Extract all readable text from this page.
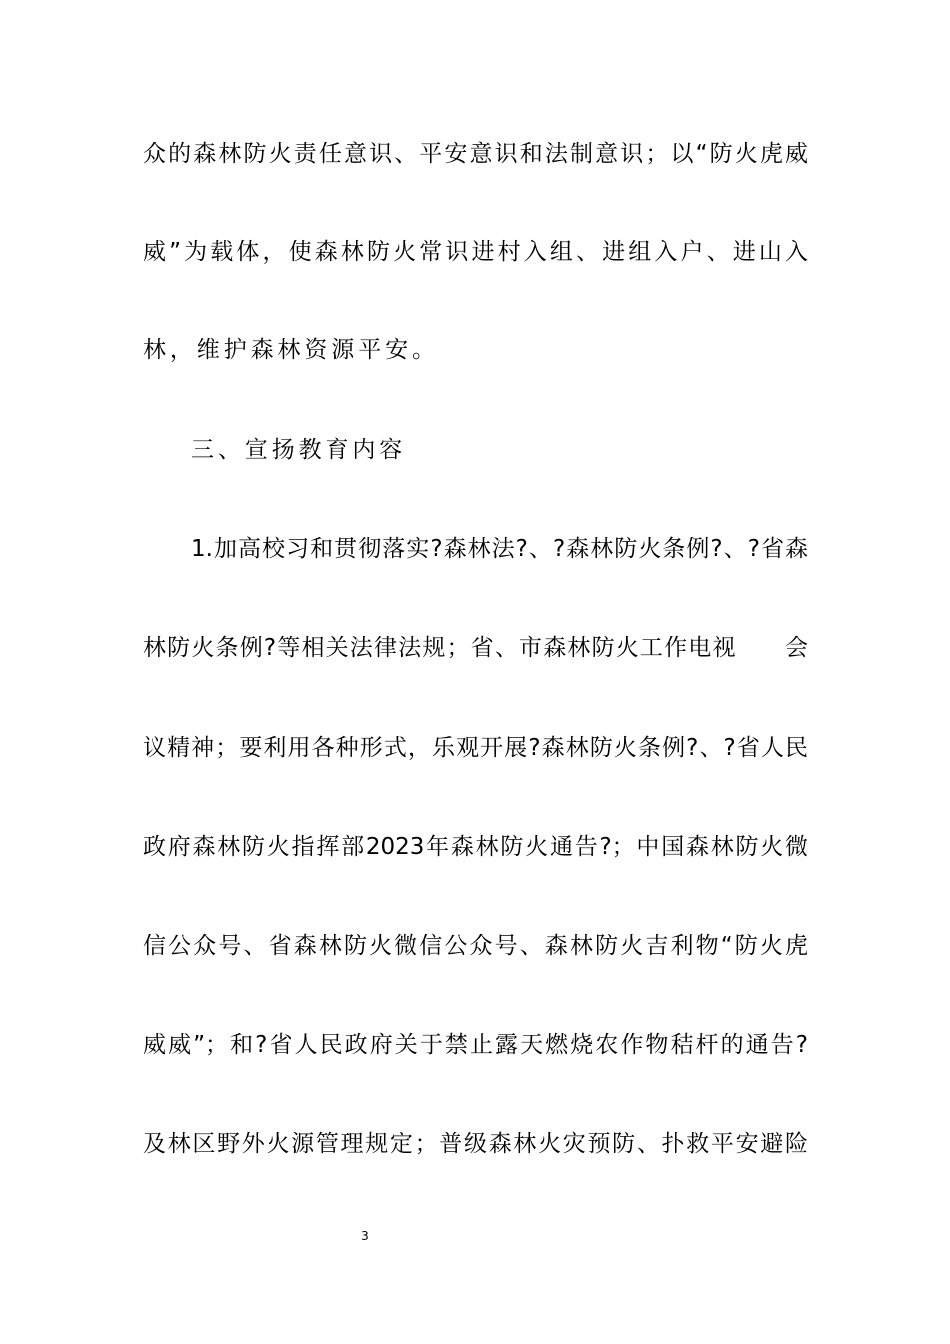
众的森林防火责任意识、平安意识和法制意识；以“防火虎威
威”为载体，使森林防火常识进村入组、进组入户、进山入
林，维护森林资源平安。
三、宣扬教育内容
1.加高校习和贯彻落实?森林法?、?森林防火条例?、?省森
林防火条例?等相关法律法规；省、市森林防火工作电视　　会
议精神；要利用各种形式，乐观开展?森林防火条例?、?省人民
政府森林防火指挥部2023年森林防火通告?；中国森林防火微
信公众号、省森林防火微信公众号、森林防火吉利物“防火虎
威威”；和?省人民政府关于禁止露天燃烧农作物秸杆的通告?
及林区野外火源管理规定；普级森林火灾预防、扑救平安避险
3
